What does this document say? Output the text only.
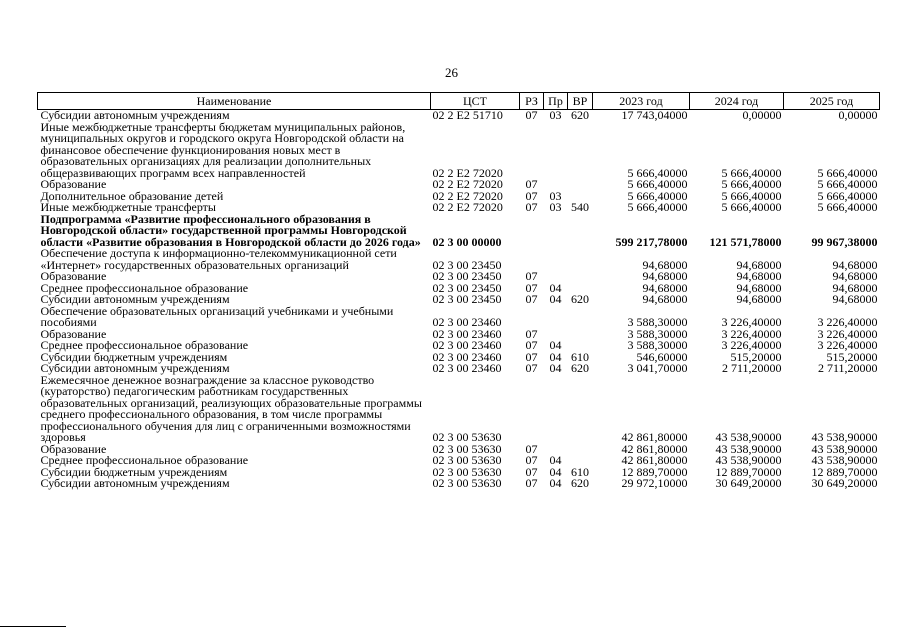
26
Наименование	ЦСТ	РЗ	Пр	ВР	2023 год	2024 год	2025 год
Субсидии автономным учреждениям	02 2 E2 51710	07	03	620	17 743,04000	0,00000	0,00000
Иные межбюджетные трансферты бюджетам муниципальных районов, муниципальных округов и городского округа Новгородской области на финансовое обеспечение функционирования новых мест в образовательных организациях для реализации дополнительных общеразвивающих программ всех направленностей	02 2 E2 72020				5 666,40000	5 666,40000	5 666,40000
Образование	02 2 E2 72020	07			5 666,40000	5 666,40000	5 666,40000
Дополнительное образование детей	02 2 E2 72020	07	03		5 666,40000	5 666,40000	5 666,40000
Иные межбюджетные трансферты	02 2 E2 72020	07	03	540	5 666,40000	5 666,40000	5 666,40000
Подпрограмма «Развитие профессионального образования в Новгородской области» государственной программы Новгородской области «Развитие образования в Новгородской области до 2026 года»	02 3 00 00000				599 217,78000	121 571,78000	99 967,38000
Обеспечение доступа к информационно-телекоммуникационной сети «Интернет» государственных образовательных организаций	02 3 00 23450				94,68000	94,68000	94,68000
Образование	02 3 00 23450	07			94,68000	94,68000	94,68000
Среднее профессиональное образование	02 3 00 23450	07	04		94,68000	94,68000	94,68000
Субсидии автономным учреждениям	02 3 00 23450	07	04	620	94,68000	94,68000	94,68000
Обеспечение образовательных организаций учебниками и учебными пособиями	02 3 00 23460				3 588,30000	3 226,40000	3 226,40000
Образование	02 3 00 23460	07			3 588,30000	3 226,40000	3 226,40000
Среднее профессиональное образование	02 3 00 23460	07	04		3 588,30000	3 226,40000	3 226,40000
Субсидии бюджетным учреждениям	02 3 00 23460	07	04	610	546,60000	515,20000	515,20000
Субсидии автономным учреждениям	02 3 00 23460	07	04	620	3 041,70000	2 711,20000	2 711,20000
Ежемесячное денежное вознаграждение за классное руководство (кураторство) педагогическим работникам государственных образовательных организаций, реализующих образовательные программы среднего профессионального образования, в том числе программы профессионального обучения для лиц с ограниченными возможностями здоровья	02 3 00 53630				42 861,80000	43 538,90000	43 538,90000
Образование	02 3 00 53630	07			42 861,80000	43 538,90000	43 538,90000
Среднее профессиональное образование	02 3 00 53630	07	04		42 861,80000	43 538,90000	43 538,90000
Субсидии бюджетным учреждениям	02 3 00 53630	07	04	610	12 889,70000	12 889,70000	12 889,70000
Субсидии автономным учреждениям	02 3 00 53630	07	04	620	29 972,10000	30 649,20000	30 649,20000
